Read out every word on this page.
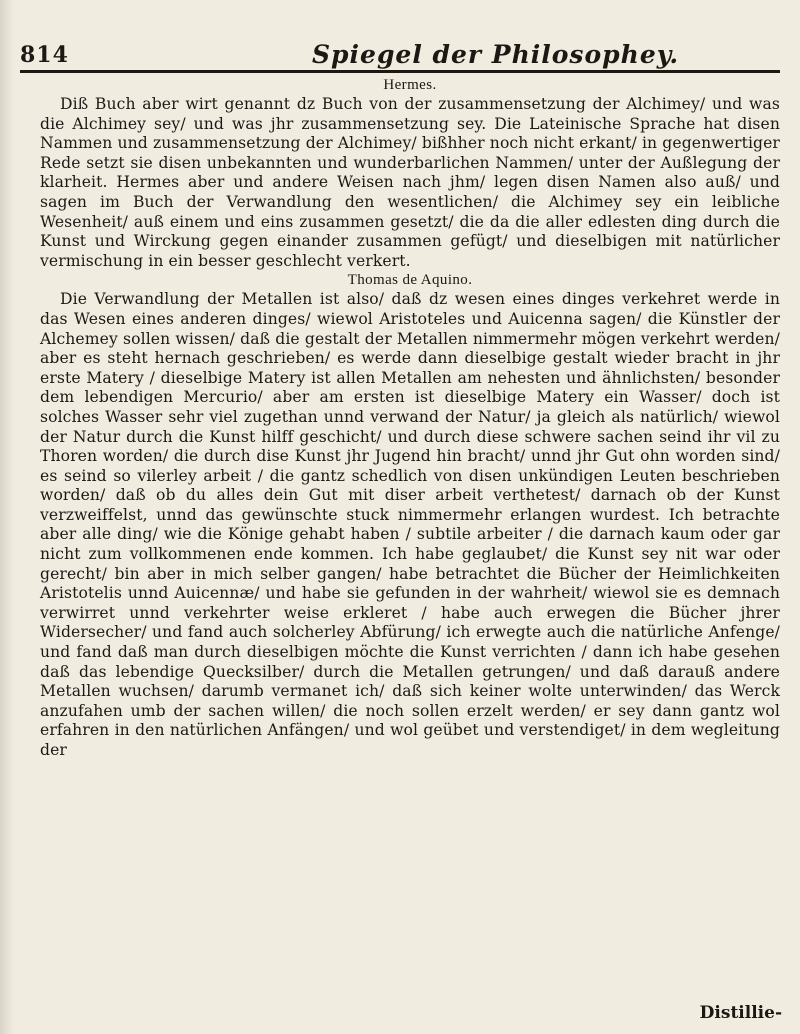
814	Spiegel der Philosophey.
Hermes.

Diß Buch aber wirt genannt dz Buch von der zusammensetzung der Alchimey/ und was die Alchimey sey/ und was jhr zusammensetzung sey. Die Lateinische Sprache hat disen Nammen und zusammensetzung der Alchimey/ bißhher noch nicht erkant/ in gegenwertiger Rede setzt sie disen unbekannten und wunderbarlichen Nammen/ unter der Außlegung der klarheit. Hermes aber und andere Weisen nach jhm/ legen disen Namen also auß/ und sagen im Buch der Verwandlung den wesentlichen/ die Alchimey sey ein leibliche Wesenheit/ auß einem und eins zusammen gesetzt/ die da die aller edlesten ding durch die Kunst und Wirckung gegen einander zusammen gefügt/ und dieselbigen mit natürlicher vermischung in ein besser geschlecht verkert.

Thomas de Aquino.

Die Verwandlung der Metallen ist also/ daß dz wesen eines dinges verkehret werde in das Wesen eines anderen dinges/ wiewol Aristoteles und Auicenna sagen/ die Künstler der Alchemey sollen wissen/ daß die gestalt der Metallen nimmermehr mögen verkehrt werden/ aber es steht hernach geschrieben/ es werde dann dieselbige gestalt wieder bracht in jhr erste Matery / dieselbige Matery ist allen Metallen am nehesten und ähnlichsten/ besonder dem lebendigen Mercurio/ aber am ersten ist dieselbige Matery ein Wasser/ doch ist solches Wasser sehr viel zugethan unnd verwand der Natur/ ja gleich als natürlich/ wiewol der Natur durch die Kunst hilff geschicht/ und durch diese schwere sachen seind ihr vil zu Thoren worden/ die durch dise Kunst jhr Jugend hin bracht/ unnd jhr Gut ohn worden sind/ es seind so vilerley arbeit / die gantz schedlich von disen unkündigen Leuten beschrieben worden/ daß ob du alles dein Gut mit diser arbeit verthetest/ darnach ob der Kunst verzweiffelst, unnd das gewünschte stuck nimmermehr erlangen wurdest. Ich betrachte aber alle ding/ wie die Könige gehabt haben / subtile arbeiter / die darnach kaum oder gar nicht zum vollkommenen ende kommen. Ich habe geglaubet/ die Kunst sey nit war oder gerecht/ bin aber in mich selber gangen/ habe betrachtet die Bücher der Heimlichkeiten Aristotelis unnd Auicennæ/ und habe sie gefunden in der wahrheit/ wiewol sie es demnach verwirret unnd verkehrter weise erkleret / habe auch erwegen die Bücher jhrer Widersecher/ und fand auch solcherley Abfürung/ ich erwegte auch die natürliche Anfenge/ und fand daß man durch dieselbigen möchte die Kunst verrichten / dann ich habe gesehen daß das lebendige Quecksilber/ durch die Metallen getrungen/ und daß darauß andere Metallen wuchsen/ darumb vermanet ich/ daß sich keiner wolte unterwinden/ das Werck anzufahen umb der sachen willen/ die noch sollen erzelt werden/ er sey dann gantz wol erfahren in den natürlichen Anfängen/ und wol geübet und verstendiget/ in dem wegleitung der

Distillie-
